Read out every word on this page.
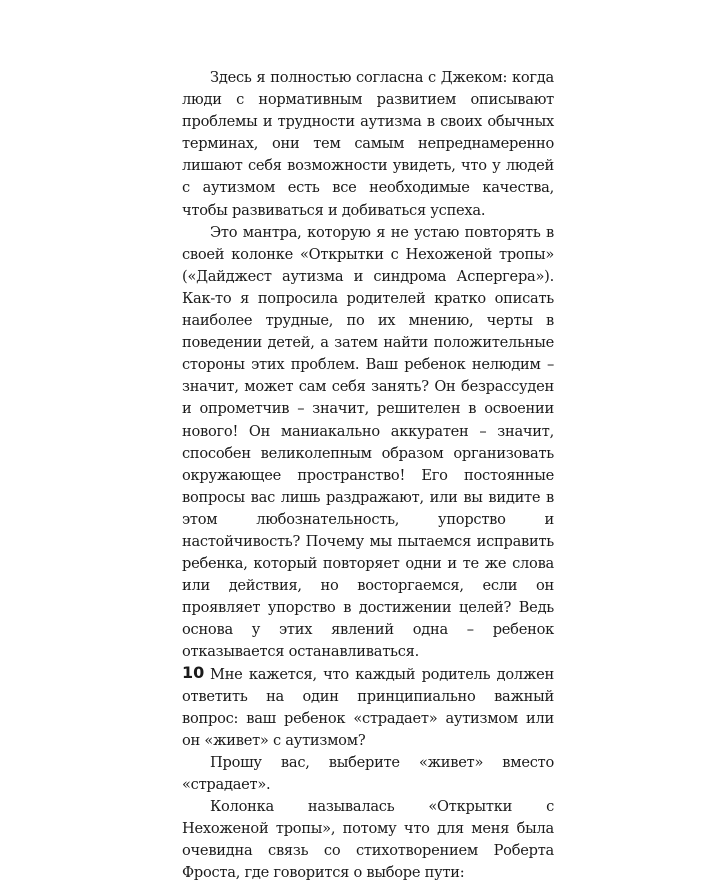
Здесь я полностью согласна с Джеком: когда люди с нормативным развитием описывают проблемы и трудности аутизма в своих обычных терминах, они тем самым непреднамеренно лишают себя возможности увидеть, что у людей с аутизмом есть все необходимые качества, чтобы развиваться и добиваться успеха.

Это мантра, которую я не устаю повторять в своей колонке «Открытки с Нехоженой тропы» («Дайджест аутизма и синдрома Аспергера»). Как-то я попросила родителей кратко описать наиболее трудные, по их мнению, черты в поведении детей, а затем найти положительные стороны этих проблем. Ваш ребенок нелюдим – значит, может сам себя занять? Он безрассуден и опрометчив – значит, решителен в освоении нового! Он маниакально аккуратен – значит, способен великолепным образом организовать окружающее пространство! Его постоянные вопросы вас лишь раздражают, или вы видите в этом любознательность, упорство и настойчивость? Почему мы пытаемся исправить ребенка, который повторяет одни и те же слова или действия, но восторгаемся, если он проявляет упорство в достижении целей? Ведь основа у этих явлений одна – ребенок отказывается останавливаться.

Мне кажется, что каждый родитель должен ответить на один принципиально важный вопрос: ваш ребенок «страдает» аутизмом или он «живет» с аутизмом?

Прошу вас, выберите «живет» вместо «страдает».

Колонка называлась «Открытки с Нехоженой тропы», потому что для меня была очевидна связь со стихотворением Роберта Фроста, где говорится о выборе пути:

10
